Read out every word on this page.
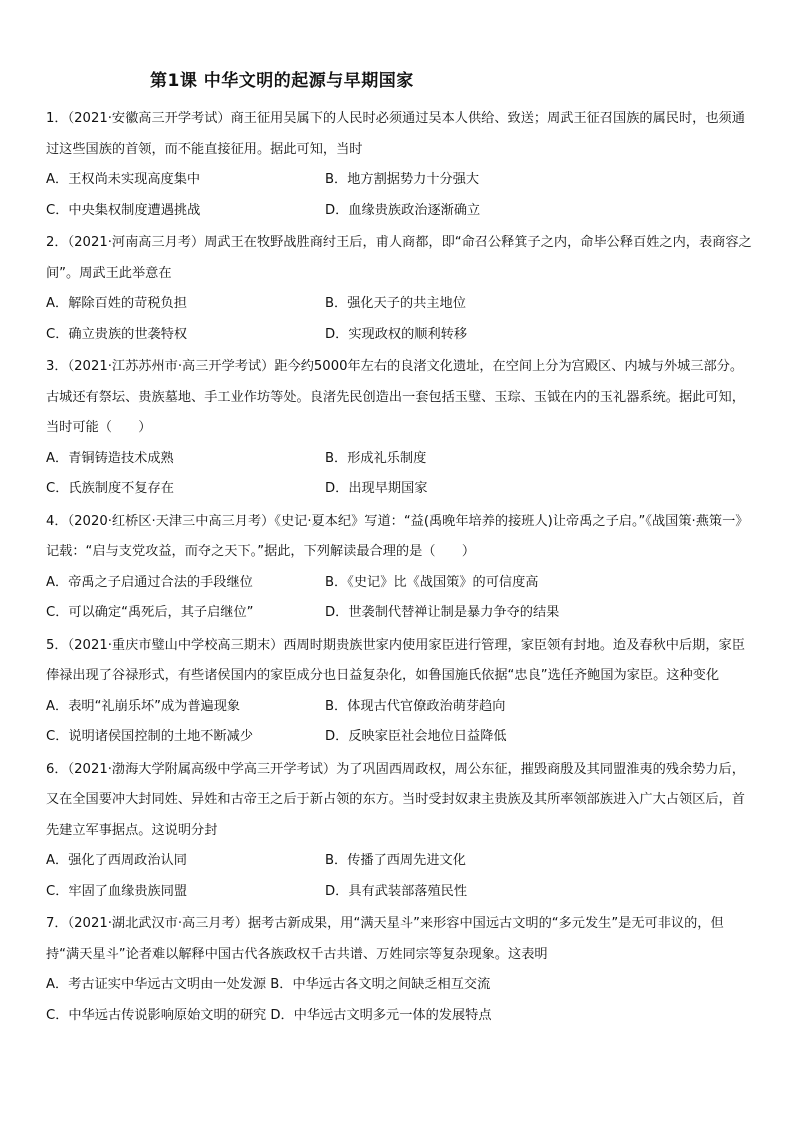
第1课 中华文明的起源与早期国家
1．（2021·安徽高三开学考试）商王征用吴属下的人民时必须通过吴本人供给、致送；周武王征召国族的属民时，也须通过这些国族的首领，而不能直接征用。据此可知，当时
A．王权尚未实现高度集中	B．地方割据势力十分强大
C．中央集权制度遭遇挑战	D．血缘贵族政治逐渐确立
2．（2021·河南高三月考）周武王在牧野战胜商纣王后，甫人商都，即“命召公释箕子之内，命毕公释百姓之内，表商容之间”。周武王此举意在
A．解除百姓的苛税负担	B．强化天子的共主地位
C．确立贵族的世袭特权	D．实现政权的顺利转移
3．（2021·江苏苏州市·高三开学考试）距今约5000年左右的良渚文化遗址，在空间上分为宫殿区、内城与外城三部分。古城还有祭坛、贵族墓地、手工业作坊等处。良渚先民创造出一套包括玉璧、玉琮、玉钺在内的玉礼器系统。据此可知，当时可能（　　）
A．青铜铸造技术成熟	B．形成礼乐制度
C．氏族制度不复存在	D．出现早期国家
4．（2020·红桥区·天津三中高三月考）《史记·夏本纪》写道：“益(禹晚年培养的接班人)让帝禹之子启。”《战国策·燕策一》记载：“启与支党攻益，而夺之天下。”据此，下列解读最合理的是（　　）
A．帝禹之子启通过合法的手段继位	B．《史记》比《战国策》的可信度高
C．可以确定“禹死后，其子启继位”	D．世袭制代替禅让制是暴力争夺的结果
5．（2021·重庆市璧山中学校高三期末）西周时期贵族世家内使用家臣进行管理，家臣领有封地。迨及春秋中后期，家臣俸禄出现了谷禄形式，有些诸侯国内的家臣成分也日益复杂化，如鲁国施氏依据“忠良”选任齐鲍国为家臣。这种变化
A．表明“礼崩乐坏”成为普遍现象	B．体现古代官僚政治萌芽趋向
C．说明诸侯国控制的土地不断减少	D．反映家臣社会地位日益降低
6．（2021·渤海大学附属高级中学高三开学考试）为了巩固西周政权，周公东征，摧毁商殷及其同盟淮夷的残余势力后，又在全国要冲大封同姓、异姓和古帝王之后于新占领的东方。当时受封奴隶主贵族及其所率领部族进入广大占领区后，首先建立军事据点。这说明分封
A．强化了西周政治认同	B．传播了西周先进文化
C．牢固了血缘贵族同盟	D．具有武装部落殖民性
7．（2021·湖北武汉市·高三月考）据考古新成果，用“满天星斗”来形容中国远古文明的“多元发生”是无可非议的，但持“满天星斗”论者难以解释中国古代各族政权千古共谱、万姓同宗等复杂现象。这表明
A．考古证实中华远古文明由一处发源 B．中华远古各文明之间缺乏相互交流
C．中华远古传说影响原始文明的研究 D．中华远古文明多元一体的发展特点
